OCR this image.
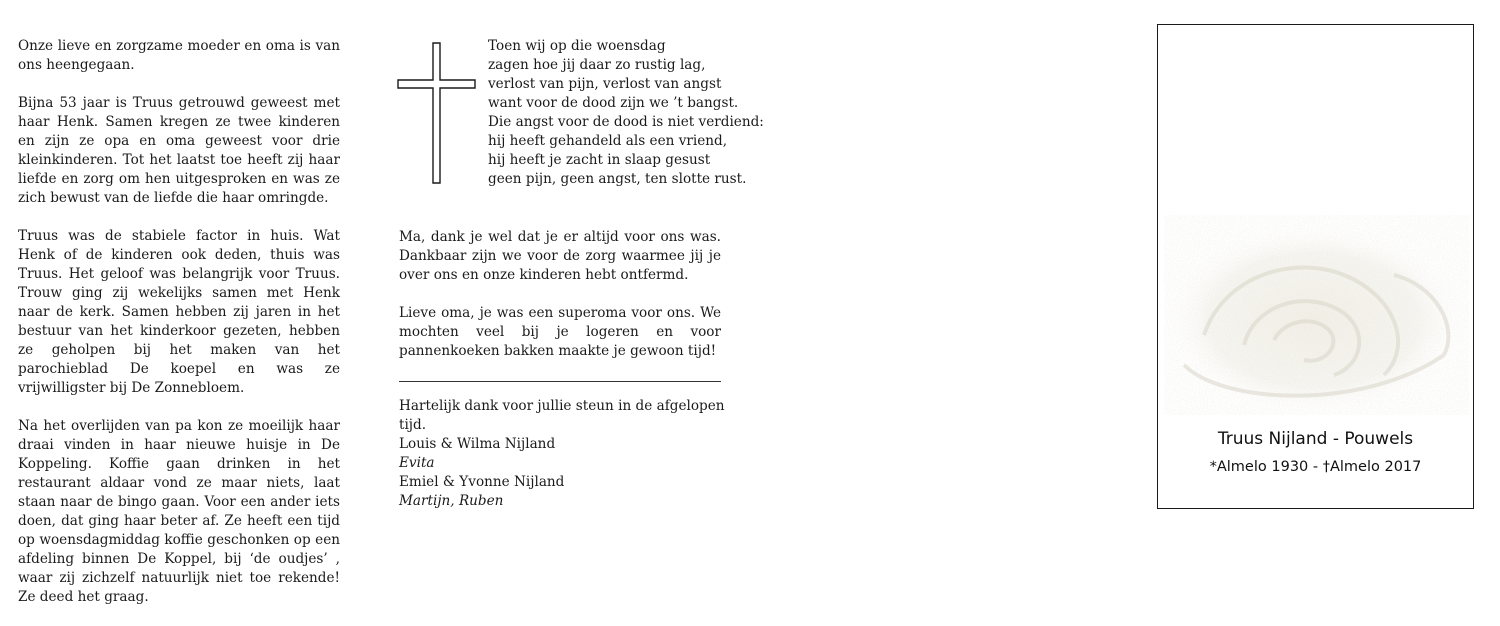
Onze lieve en zorgzame moeder en oma is van ons heengegaan.

Bijna 53 jaar is Truus getrouwd geweest met haar Henk. Samen kregen ze twee kinderen en zijn ze opa en oma geweest voor drie kleinkinderen. Tot het laatst toe heeft zij haar liefde en zorg om hen uitgesproken en was ze zich bewust van de liefde die haar omringde.

Truus was de stabiele factor in huis. Wat Henk of de kinderen ook deden, thuis was Truus. Het geloof was belangrijk voor Truus. Trouw ging zij wekelijks samen met Henk naar de kerk. Samen hebben zij jaren in het bestuur van het kinderkoor gezeten, hebben ze geholpen bij het maken van het parochieblad De koepel en was ze vrijwilligster bij De Zonnebloem.

Na het overlijden van pa kon ze moeilijk haar draai vinden in haar nieuwe huisje in De Koppeling. Koffie gaan drinken in het restaurant aldaar vond ze maar niets, laat staan naar de bingo gaan. Voor een ander iets doen, dat ging haar beter af. Ze heeft een tijd op woensdagmiddag koffie geschonken op een afdeling binnen De Koppel, bij ‘de oudjes’ , waar zij zichzelf natuurlijk niet toe rekende! Ze deed het graag.

Toen wij op die woensdag
zagen hoe jij daar zo rustig lag,
verlost van pijn, verlost van angst
want voor de dood zijn we ’t bangst.
Die angst voor de dood is niet verdiend:
hij heeft gehandeld als een vriend,
hij heeft je zacht in slaap gesust
geen pijn, geen angst, ten slotte rust.

Ma, dank je wel dat je er altijd voor ons was. Dankbaar zijn we voor de zorg waarmee jij je over ons en onze kinderen hebt ontfermd.

Lieve oma, je was een superoma voor ons. We mochten veel bij je logeren en voor pannenkoeken bakken maakte je gewoon tijd!

Hartelijk dank voor jullie steun in de afgelopen tijd.
Louis & Wilma Nijland
Evita
Emiel & Yvonne Nijland
Martijn, Ruben
Truus Nijland - Pouwels
*Almelo 1930 - †Almelo 2017
